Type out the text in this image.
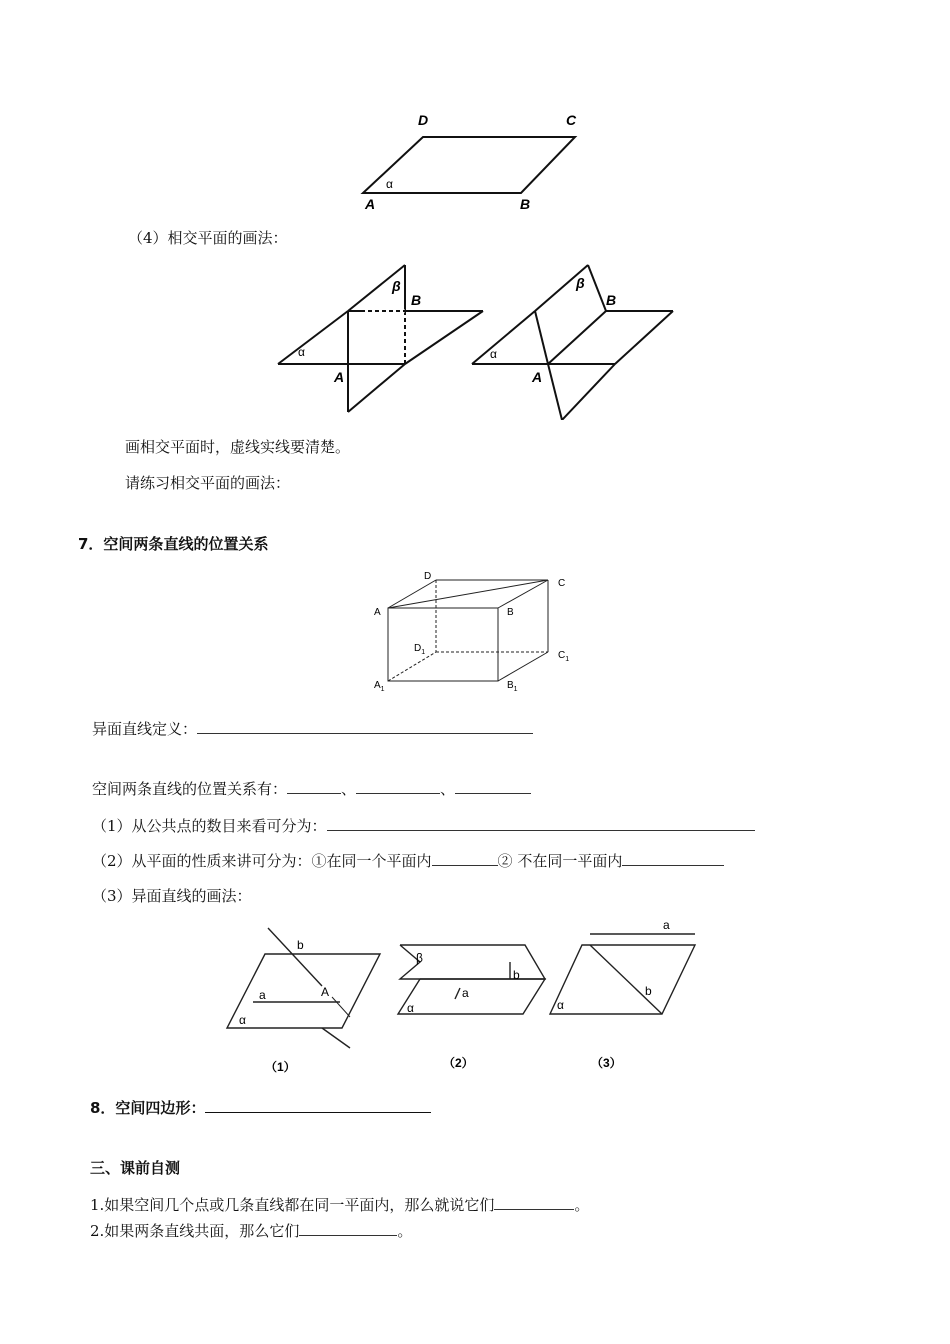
D	C
A	B
α
（4）相交平面的画法：
α
β
B
A
α
β
B
A
画相交平面时，虚线实线要清楚。
请练习相交平面的画法：
7．空间两条直线的位置关系
D
C
A	B
$D_1$	$C_1$
$A_1$	$B_1$
异面直线定义：
空间两条直线的位置关系有：	、	、
（1）从公共点的数目来看可分为：
（2）从平面的性质来讲可分为：①在同一个平面内	② 不在同一平面内
（3）异面直线的画法：
b
A
a
α
（1）
β
b
a
α
（2）
a
b
α
（3）
8．空间四边形：
三、课前自测
1.如果空间几个点或几条直线都在同一平面内，那么就说它们	。
2.如果两条直线共面，那么它们	。
